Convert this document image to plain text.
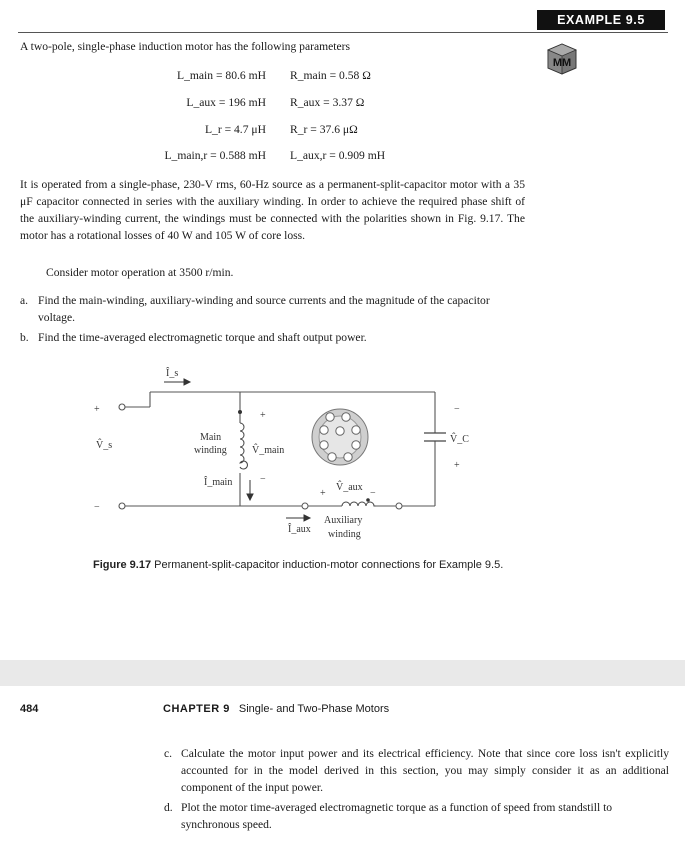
EXAMPLE 9.5
MM
A two-pole, single-phase induction motor has the following parameters
L_main = 80.6 mH R_main = 0.58 Ω
L_aux = 196 mH R_aux = 3.37 Ω
L_r = 4.7 μH R_r = 37.6 μΩ
L_main,r = 0.588 mH L_aux,r = 0.909 mH
It is operated from a single-phase, 230-V rms, 60-Hz source as a permanent-split-capacitor motor with a 35 μF capacitor connected in series with the auxiliary winding. In order to achieve the required phase shift of the auxiliary-winding current, the windings must be connected with the polarities shown in Fig. 9.17. The motor has a rotational losses of 40 W and 105 W of core loss.
Consider motor operation at 3500 r/min.
a. Find the main-winding, auxiliary-winding and source currents and the magnitude of the capacitor voltage.
b. Find the time-averaged electromagnetic torque and shaft output power.
Î_s
+
−
V̂_s
Main
winding
+
V̂_main
−
Î_main
+
V̂_aux
−
Î_aux
Auxiliary
winding
−
V̂_C
+
Figure 9.17 Permanent-split-capacitor induction-motor connections for Example 9.5.
484	CHAPTER 9 Single- and Two-Phase Motors
c. Calculate the motor input power and its electrical efficiency. Note that since core loss isn't explicitly accounted for in the model derived in this section, you may simply consider it as an additional component of the input power.
d. Plot the motor time-averaged electromagnetic torque as a function of speed from standstill to synchronous speed.
